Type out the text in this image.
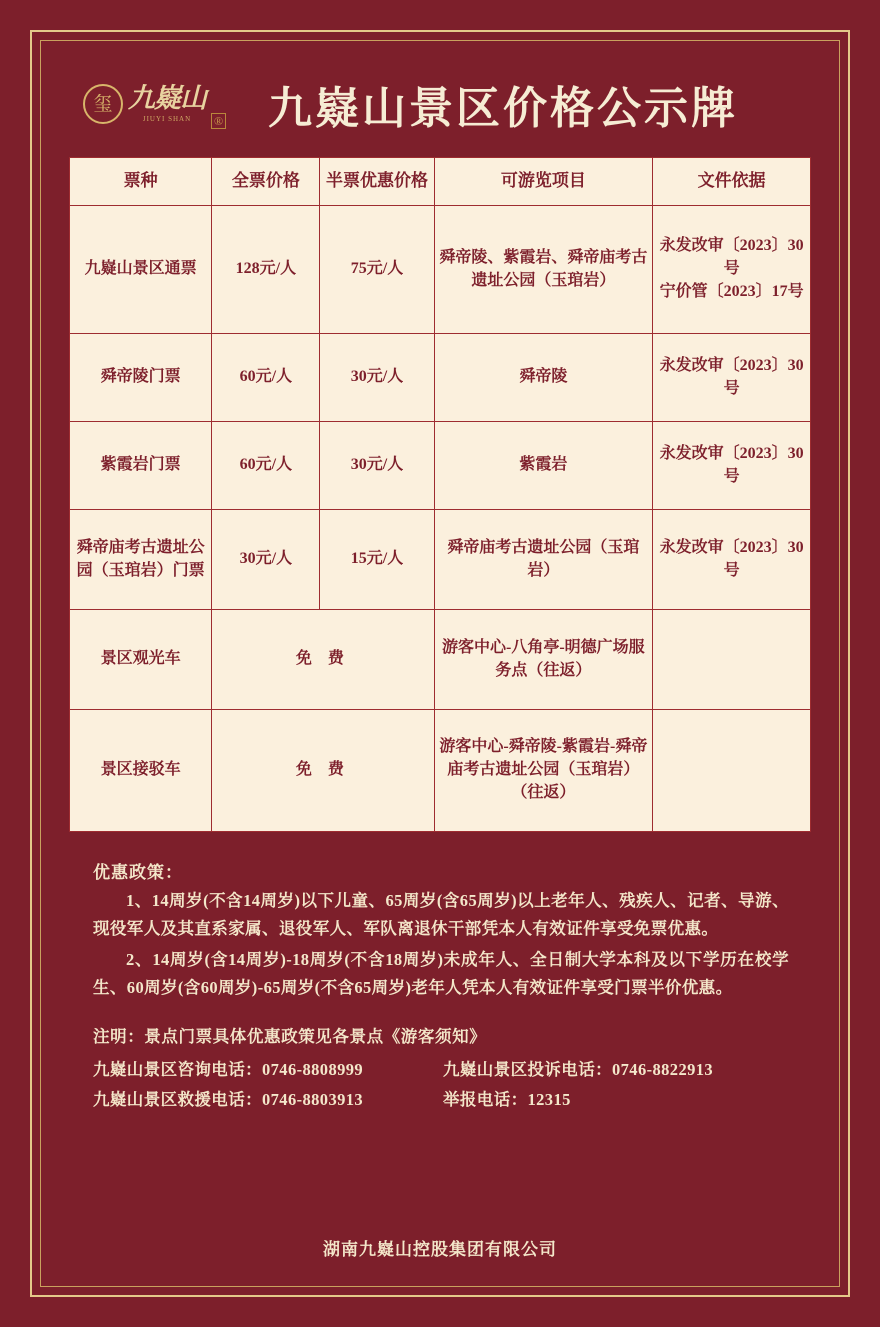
玺 九嶷山
JIUYI SHAN ® 九嶷山景区价格公示牌
票种	全票价格	半票优惠价格	可游览项目	文件依据
九嶷山景区通票	128元/人	75元/人	舜帝陵、紫霞岩、舜帝庙考古遗址公园（玉琯岩）	永发改审〔2023〕30号
宁价管〔2023〕17号
舜帝陵门票	60元/人	30元/人	舜帝陵	永发改审〔2023〕30号
紫霞岩门票	60元/人	30元/人	紫霞岩	永发改审〔2023〕30号
舜帝庙考古遗址公园（玉琯岩）门票	30元/人	15元/人	舜帝庙考古遗址公园（玉琯岩）	永发改审〔2023〕30号
景区观光车	免 费		游客中心-八角亭-明德广场服务点（往返）	
景区接驳车	免 费		游客中心-舜帝陵-紫霞岩-舜帝庙考古遗址公园（玉琯岩）（往返）	
优惠政策：

1、14周岁(不含14周岁)以下儿童、65周岁(含65周岁)以上老年人、残疾人、记者、导游、现役军人及其直系家属、退役军人、军队离退休干部凭本人有效证件享受免票优惠。

2、14周岁(含14周岁)-18周岁(不含18周岁)未成年人、全日制大学本科及以下学历在校学生、60周岁(含60周岁)-65周岁(不含65周岁)老年人凭本人有效证件享受门票半价优惠。

注明：景点门票具体优惠政策见各景点《游客须知》
九嶷山景区咨询电话：0746-8808999	九嶷山景区投诉电话：0746-8822913
九嶷山景区救援电话：0746-8803913	举报电话：12315
湖南九嶷山控股集团有限公司
